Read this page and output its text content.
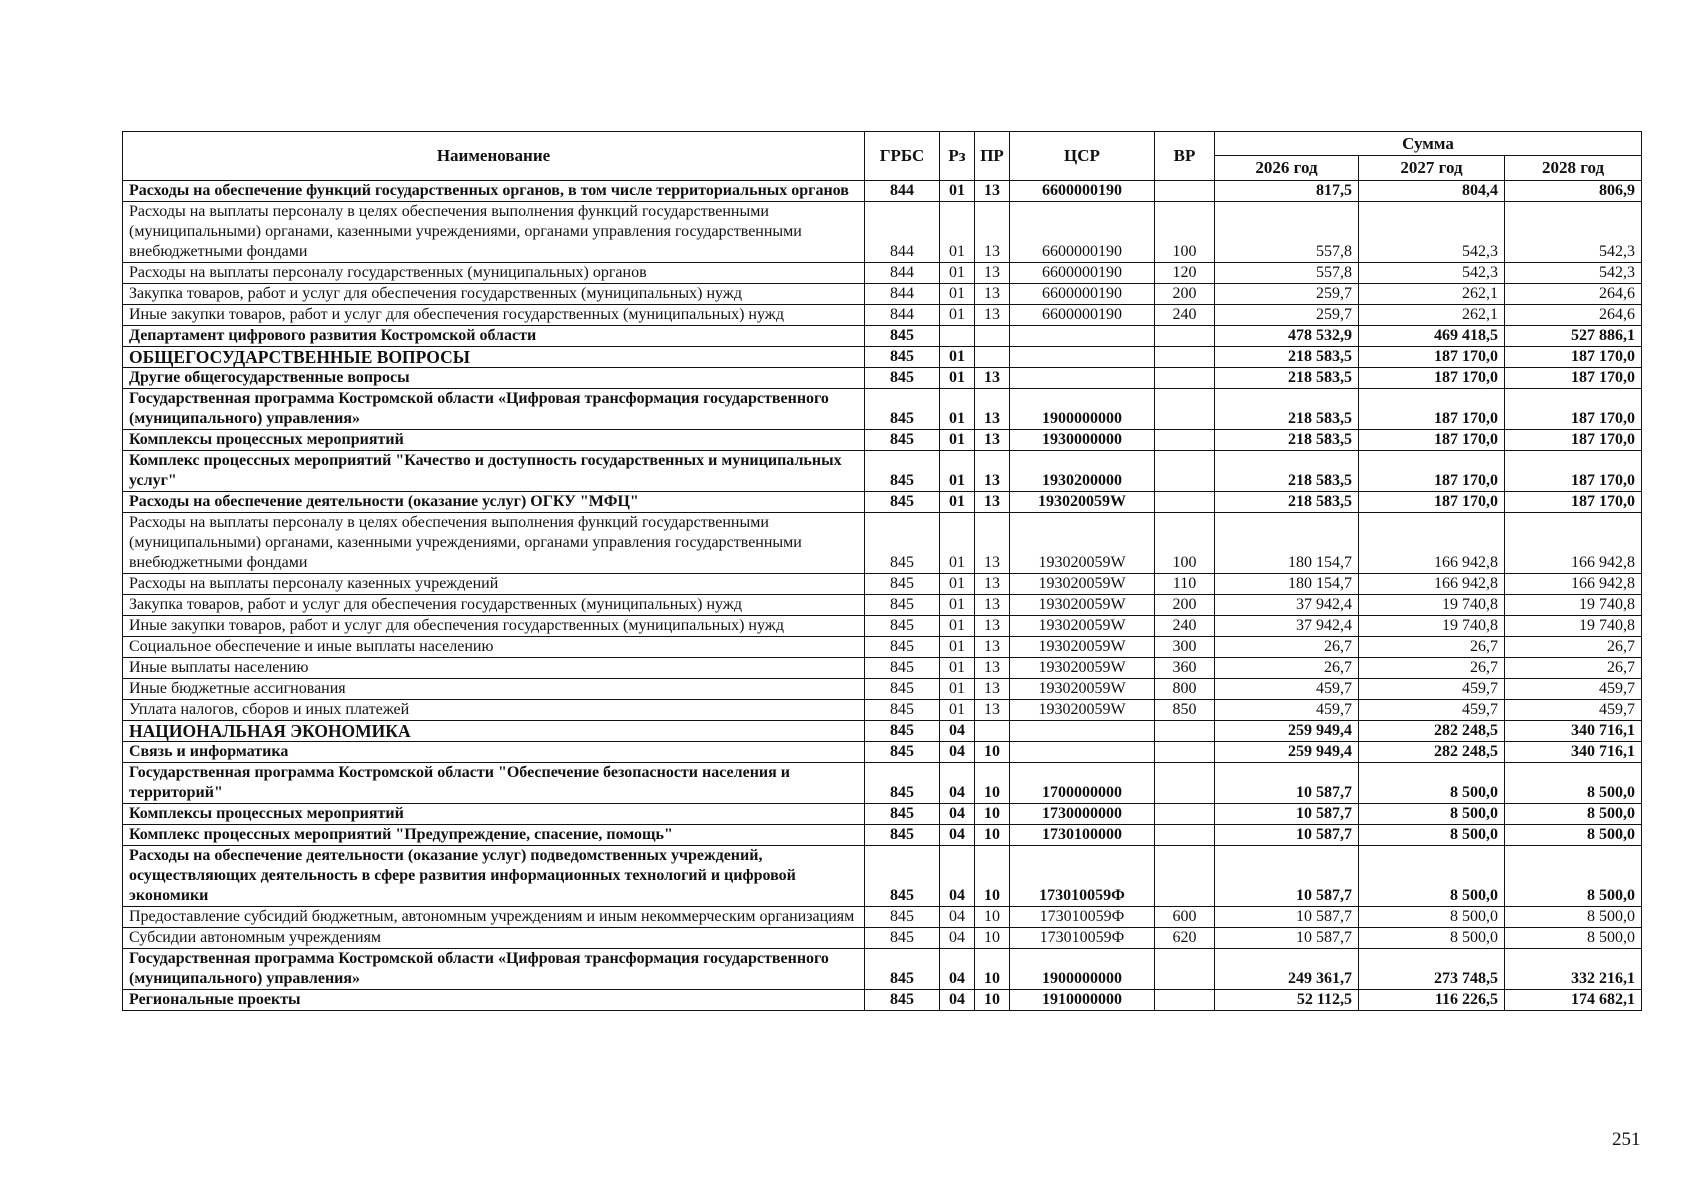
Наименование	ГРБС	Рз	ПР	ЦСР	ВР	Сумма		
						2026 год	2027 год	2028 год
Расходы на обеспечение функций государственных органов, в том числе территориальных органов	844	01	13	6600000190		817,5	804,4	806,9
Расходы на выплаты персоналу в целях обеспечения выполнения функций государственными (муниципальными) органами, казенными учреждениями, органами управления государственными внебюджетными фондами	844	01	13	6600000190	100	557,8	542,3	542,3
Расходы на выплаты персоналу государственных (муниципальных) органов	844	01	13	6600000190	120	557,8	542,3	542,3
Закупка товаров, работ и услуг для обеспечения государственных (муниципальных) нужд	844	01	13	6600000190	200	259,7	262,1	264,6
Иные закупки товаров, работ и услуг для обеспечения государственных (муниципальных) нужд	844	01	13	6600000190	240	259,7	262,1	264,6
Департамент цифрового развития Костромской области	845					478 532,9	469 418,5	527 886,1
ОБЩЕГОСУДАРСТВЕННЫЕ ВОПРОСЫ	845	01				218 583,5	187 170,0	187 170,0
Другие общегосударственные вопросы	845	01	13			218 583,5	187 170,0	187 170,0
Государственная программа Костромской области «Цифровая трансформация государственного (муниципального) управления»	845	01	13	1900000000		218 583,5	187 170,0	187 170,0
Комплексы процессных мероприятий	845	01	13	1930000000		218 583,5	187 170,0	187 170,0
Комплекс процессных мероприятий "Качество и доступность государственных и муниципальных услуг"	845	01	13	1930200000		218 583,5	187 170,0	187 170,0
Расходы на обеспечение деятельности (оказание услуг) ОГКУ "МФЦ"	845	01	13	193020059W		218 583,5	187 170,0	187 170,0
Расходы на выплаты персоналу в целях обеспечения выполнения функций государственными (муниципальными) органами, казенными учреждениями, органами управления государственными внебюджетными фондами	845	01	13	193020059W	100	180 154,7	166 942,8	166 942,8
Расходы на выплаты персоналу казенных учреждений	845	01	13	193020059W	110	180 154,7	166 942,8	166 942,8
Закупка товаров, работ и услуг для обеспечения государственных (муниципальных) нужд	845	01	13	193020059W	200	37 942,4	19 740,8	19 740,8
Иные закупки товаров, работ и услуг для обеспечения государственных (муниципальных) нужд	845	01	13	193020059W	240	37 942,4	19 740,8	19 740,8
Социальное обеспечение и иные выплаты населению	845	01	13	193020059W	300	26,7	26,7	26,7
Иные выплаты населению	845	01	13	193020059W	360	26,7	26,7	26,7
Иные бюджетные ассигнования	845	01	13	193020059W	800	459,7	459,7	459,7
Уплата налогов, сборов и иных платежей	845	01	13	193020059W	850	459,7	459,7	459,7
НАЦИОНАЛЬНАЯ ЭКОНОМИКА	845	04				259 949,4	282 248,5	340 716,1
Связь и информатика	845	04	10			259 949,4	282 248,5	340 716,1
Государственная программа Костромской области "Обеспечение безопасности населения и территорий"	845	04	10	1700000000		10 587,7	8 500,0	8 500,0
Комплексы процессных мероприятий	845	04	10	1730000000		10 587,7	8 500,0	8 500,0
Комплекс процессных мероприятий "Предупреждение, спасение, помощь"	845	04	10	1730100000		10 587,7	8 500,0	8 500,0
Расходы на обеспечение деятельности (оказание услуг) подведомственных учреждений, осуществляющих деятельность в сфере развития информационных технологий и цифровой экономики	845	04	10	173010059Ф		10 587,7	8 500,0	8 500,0
Предоставление субсидий бюджетным, автономным учреждениям и иным некоммерческим организациям	845	04	10	173010059Ф	600	10 587,7	8 500,0	8 500,0
Субсидии автономным учреждениям	845	04	10	173010059Ф	620	10 587,7	8 500,0	8 500,0
Государственная программа Костромской области «Цифровая трансформация государственного (муниципального) управления»	845	04	10	1900000000		249 361,7	273 748,5	332 216,1
Региональные проекты	845	04	10	1910000000		52 112,5	116 226,5	174 682,1
251
